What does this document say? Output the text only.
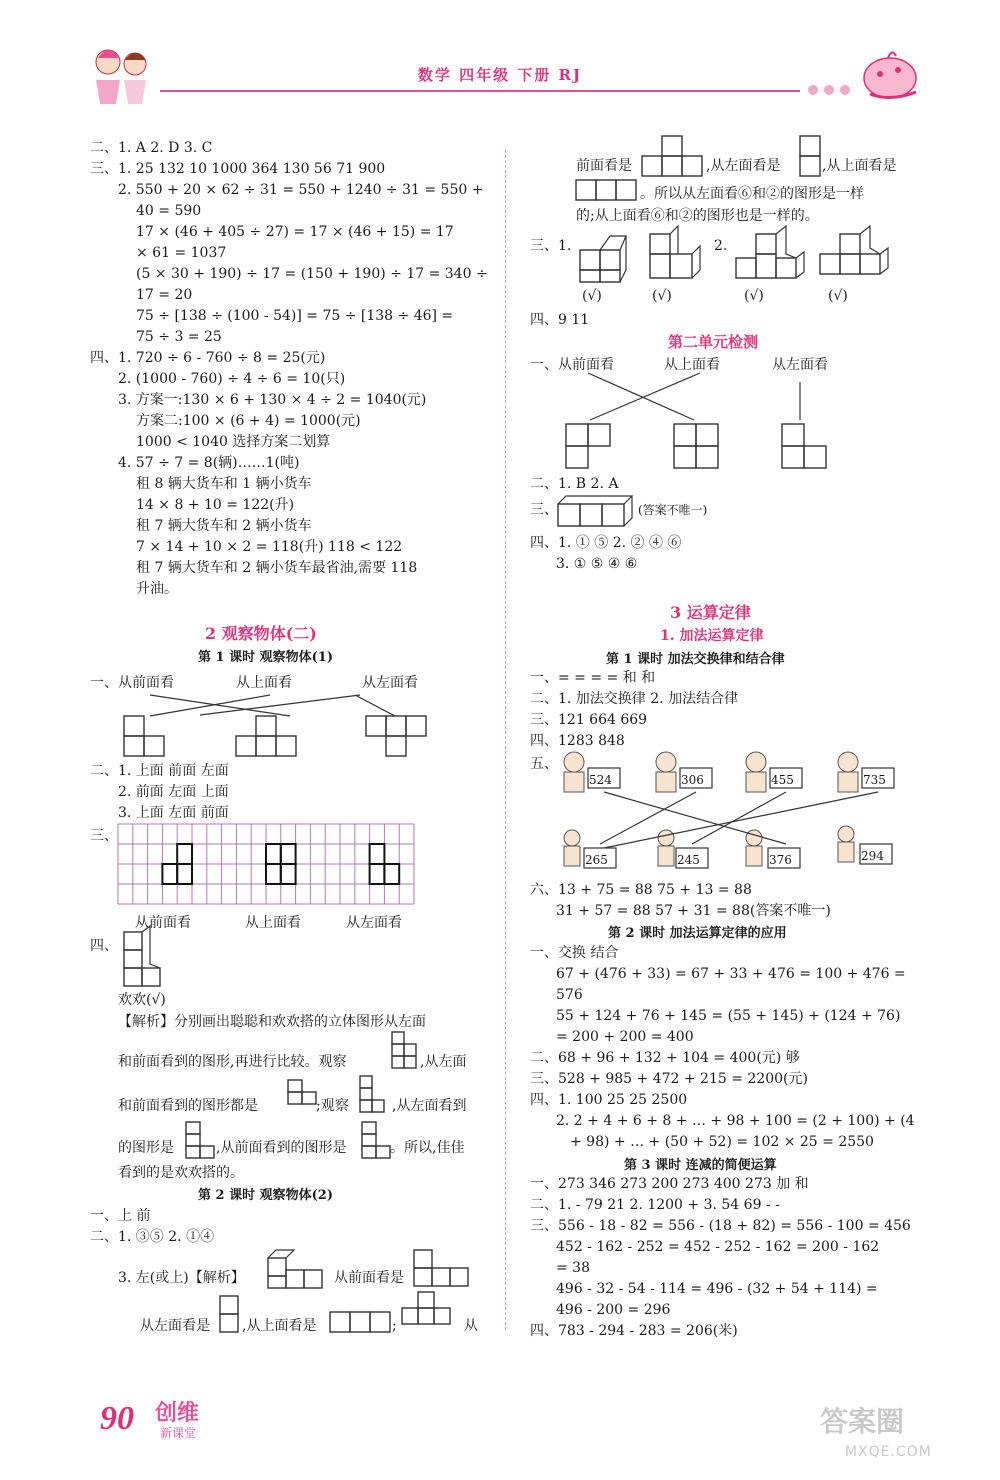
数学 四年级 下册 RJ
二、1. A 2. D 3. C
三、1. 25 132 10 1000 364 130 56 71 900
2. 550 + 20 × 62 ÷ 31 = 550 + 1240 ÷ 31 = 550 +
40 = 590
17 × (46 + 405 ÷ 27) = 17 × (46 + 15) = 17
× 61 = 1037
(5 × 30 + 190) ÷ 17 = (150 + 190) ÷ 17 = 340 ÷
17 = 20
75 ÷ [138 ÷ (100 - 54)] = 75 ÷ [138 ÷ 46] =
75 ÷ 3 = 25
四、1. 720 ÷ 6 - 760 ÷ 8 = 25(元)
2. (1000 - 760) ÷ 4 ÷ 6 = 10(只)
3. 方案一:130 × 6 + 130 × 4 ÷ 2 = 1040(元)
方案二:100 × (6 + 4) = 1000(元)
1000 < 1040 选择方案二划算
4. 57 ÷ 7 = 8(辆)……1(吨)
租 8 辆大货车和 1 辆小货车
14 × 8 + 10 = 122(升)
租 7 辆大货车和 2 辆小货车
7 × 14 + 10 × 2 = 118(升) 118 < 122
租 7 辆大货车和 2 辆小货车最省油,需要 118
升油。
2 观察物体(二)
第 1 课时 观察物体(1)
一、从前面看	从上面看	从左面看
二、1. 上面 前面 左面
2. 前面 左面 上面
3. 上面 左面 前面
三、
从前面看	从上面看	从左面看
四、
欢欢(√)
【解析】分别画出聪聪和欢欢搭的立体图形从左面
和前面看到的图形,再进行比较。观察	,从左面
和前面看到的图形都是	;观察	,从左面看到
的图形是	,从前面看到的图形是	。所以,佳佳
看到的是欢欢搭的。
第 2 课时 观察物体(2)
一、上 前
二、1. ③⑤ 2. ①④
3. 左(或上)【解析】	从前面看是
从左面看是 ,从上面看是	;	从
前面看是	,从左面看是	,从上面看是
。所以从左面看⑥和②的图形是一样
的;从上面看⑥和②的图形也是一样的。
三、1.	2.
(√)	(√)	(√)	(√)
四、9 11
第二单元检测
一、从前面看	从上面看	从左面看
二、1. B 2. A
三、	(答案不唯一)
四、1. ① ⑤ 2. ② ④ ⑥
3. ① ⑤ ④ ⑥
3 运算定律
1. 加法运算定律
第 1 课时 加法交换律和结合律
一、= = = = 和 和
二、1. 加法交换律 2. 加法结合律
三、121 664 669
四、1283 848
五、
524	306	455	735
265	245	376	294
六、13 + 75 = 88 75 + 13 = 88
31 + 57 = 88 57 + 31 = 88(答案不唯一)
第 2 课时 加法运算定律的应用
一、交换 结合
67 + (476 + 33) = 67 + 33 + 476 = 100 + 476 =
576
55 + 124 + 76 + 145 = (55 + 145) + (124 + 76)
= 200 + 200 = 400
二、68 + 96 + 132 + 104 = 400(元) 够
三、528 + 985 + 472 + 215 = 2200(元)
四、1. 100 25 25 2500
2. 2 + 4 + 6 + 8 + … + 98 + 100 = (2 + 100) + (4
+ 98) + … + (50 + 52) = 102 × 25 = 2550
第 3 课时 连减的简便运算
一、273 346 273 200 273 400 273 加 和
二、1. - 79 21 2. 1200 + 3. 54 69 - -
三、556 - 18 - 82 = 556 - (18 + 82) = 556 - 100 = 456
452 - 162 - 252 = 452 - 252 - 162 = 200 - 162
= 38
496 - 32 - 54 - 114 = 496 - (32 + 54 + 114) =
496 - 200 = 296
四、783 - 294 - 283 = 206(米)
90 创维
新课堂	答案圈
MXQE.COM
